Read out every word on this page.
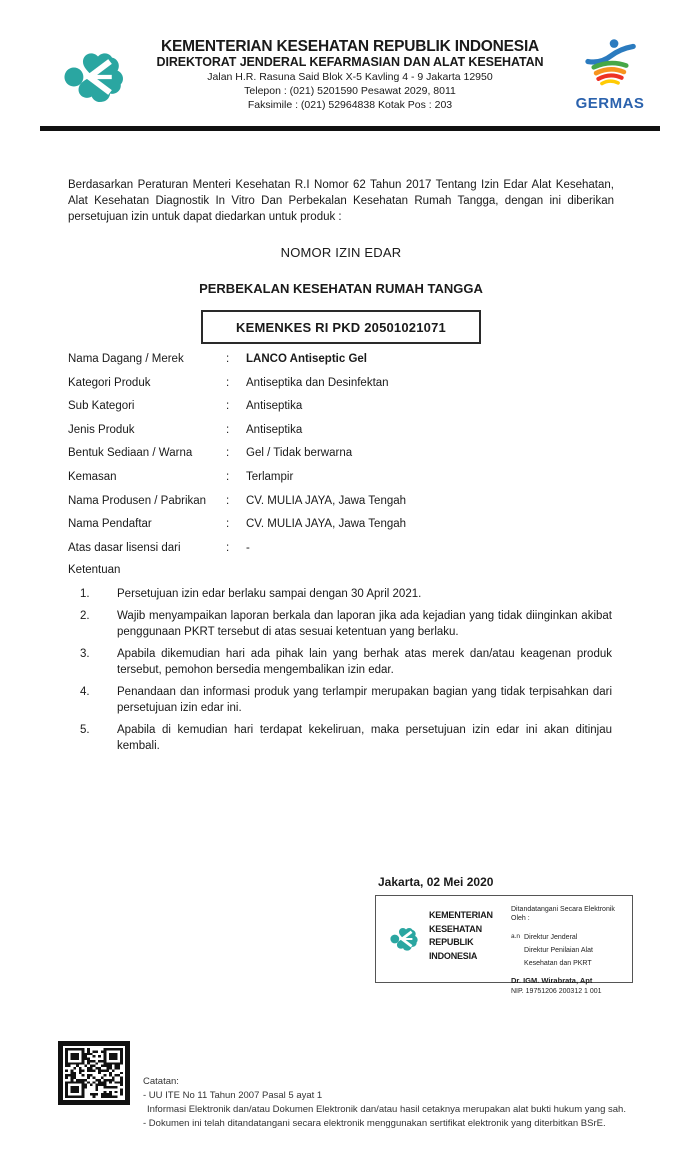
KEMENTERIAN KESEHATAN REPUBLIK INDONESIA
DIREKTORAT JENDERAL KEFARMASIAN DAN ALAT KESEHATAN
Jalan H.R. Rasuna Said Blok X-5 Kavling 4 - 9 Jakarta 12950
Telepon : (021) 5201590 Pesawat 2029, 8011
Faksimile : (021) 52964838 Kotak Pos : 203	GERMAS

Berdasarkan Peraturan Menteri Kesehatan R.I Nomor 62 Tahun 2017 Tentang Izin Edar Alat Kesehatan, Alat Kesehatan Diagnostik In Vitro Dan Perbekalan Kesehatan Rumah Tangga, dengan ini diberikan persetujuan izin untuk dapat diedarkan untuk produk :

NOMOR IZIN EDAR
PERBEKALAN KESEHATAN RUMAH TANGGA
KEMENKES RI PKD 20501021071
Nama Dagang / Merek	:	LANCO Antiseptic Gel
Kategori Produk	:	Antiseptika dan Desinfektan
Sub Kategori	:	Antiseptika
Jenis Produk	:	Antiseptika
Bentuk Sediaan / Warna	:	Gel / Tidak berwarna
Kemasan	:	Terlampir
Nama Produsen / Pabrikan	:	CV. MULIA JAYA, Jawa Tengah
Nama Pendaftar	:	CV. MULIA JAYA, Jawa Tengah
Atas dasar lisensi dari	:	-
Ketentuan
1.	Persetujuan izin edar berlaku sampai dengan 30 April 2021.
2.	Wajib menyampaikan laporan berkala dan laporan jika ada kejadian yang tidak diinginkan akibat penggunaan PKRT tersebut di atas sesuai ketentuan yang berlaku.
3.	Apabila dikemudian hari ada pihak lain yang berhak atas merek dan/atau keagenan produk tersebut, pemohon bersedia mengembalikan izin edar.
4.	Penandaan dan informasi produk yang terlampir merupakan bagian yang tidak terpisahkan dari persetujuan izin edar ini.
5.	Apabila di kemudian hari terdapat kekeliruan, maka persetujuan izin edar ini akan ditinjau kembali.
Jakarta, 02 Mei 2020
KEMENTERIAN
KESEHATAN
REPUBLIK
INDONESIA
Ditandatangani Secara Elektronik Oleh :
a.n Direktur Jenderal
Direktur Penilaian Alat Kesehatan dan PKRT
Dr. IGM. Wirabrata, Apt
NIP. 19751206 200312 1 001
Catatan:
- UU ITE No 11 Tahun 2007 Pasal 5 ayat 1
Informasi Elektronik dan/atau Dokumen Elektronik dan/atau hasil cetaknya merupakan alat bukti hukum yang sah.
- Dokumen ini telah ditandatangani secara elektronik menggunakan sertifikat elektronik yang diterbitkan BSrE.
